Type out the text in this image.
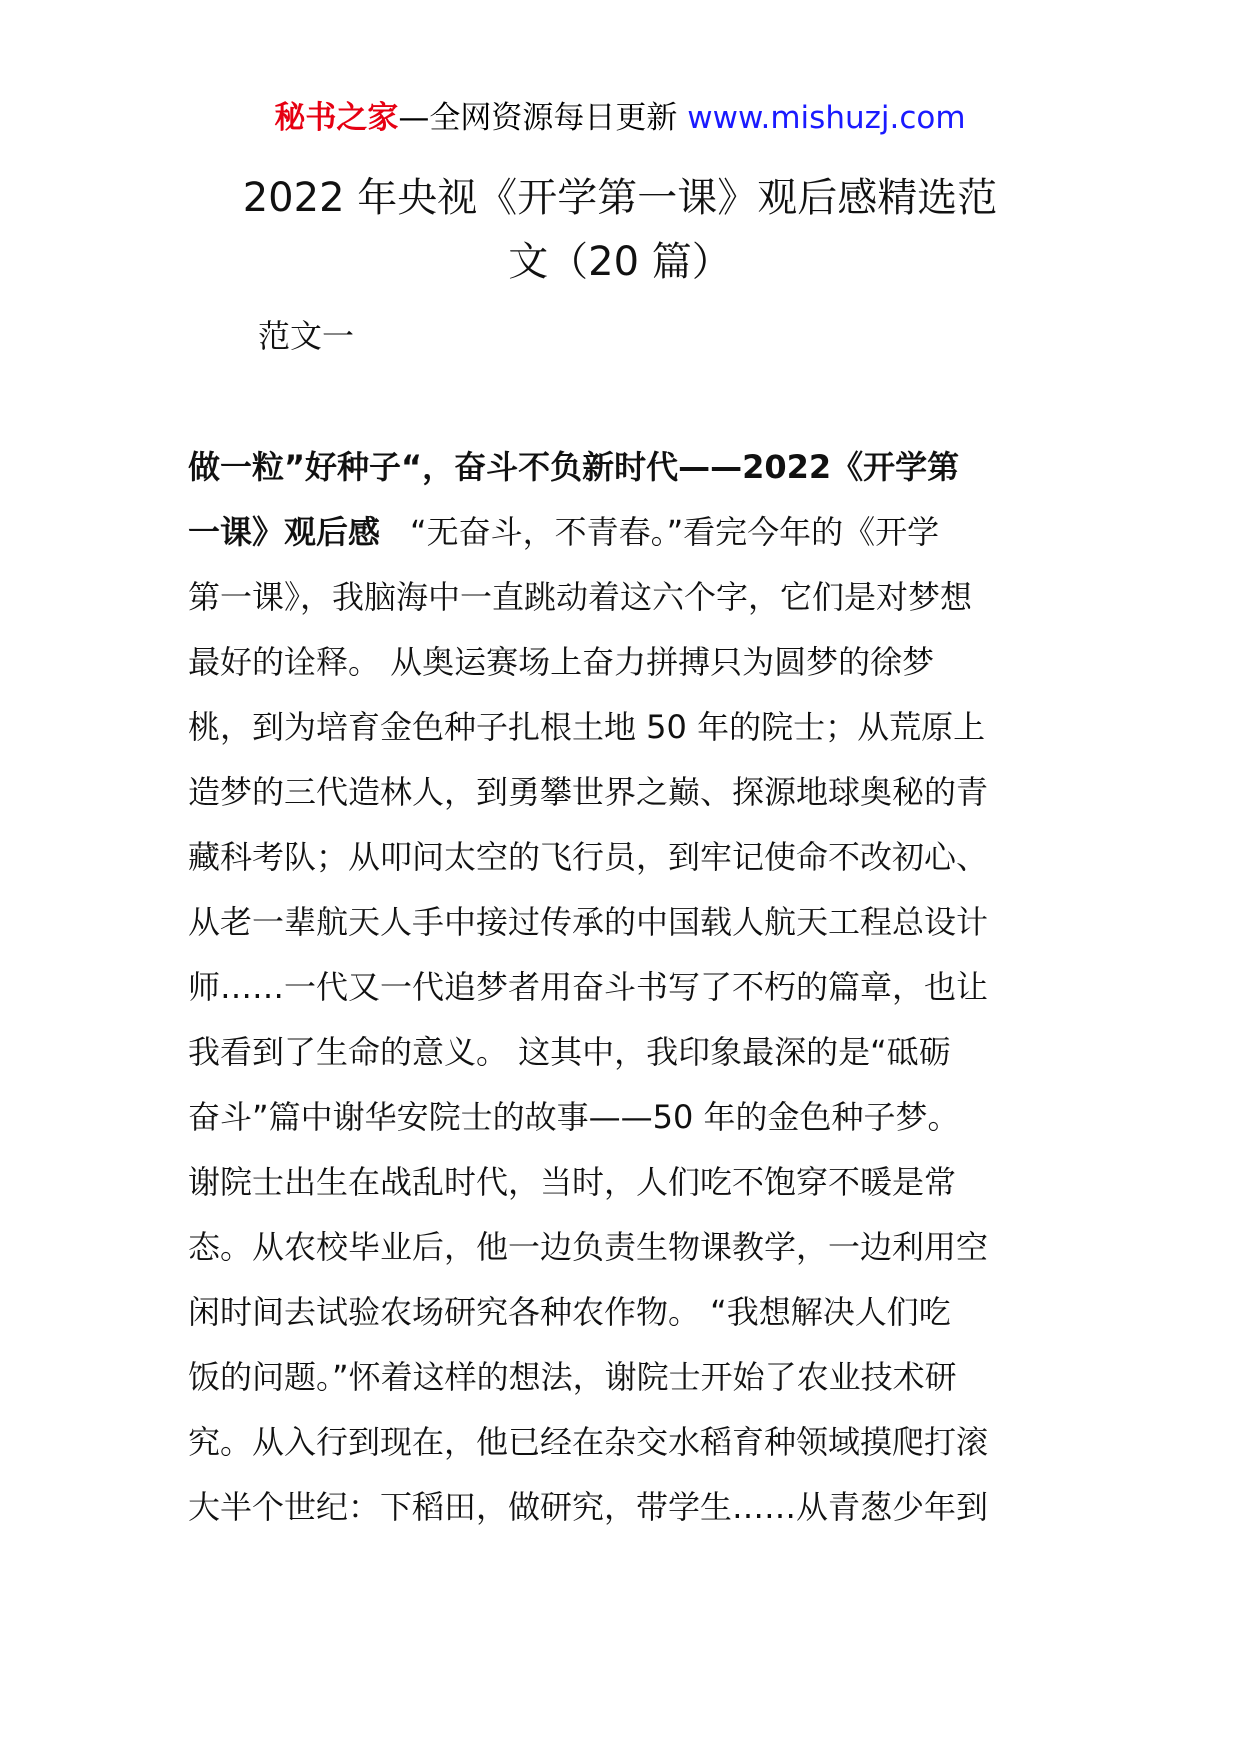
秘书之家—全网资源每日更新 www.mishuzj.com
2022 年央视《开学第一课》观后感精选范
文（20 篇）
范文一
做一粒”好种子“，奋斗不负新时代——2022《开学第
一课》观后感 “无奋斗，不青春。”看完今年的《开学
第一课》，我脑海中一直跳动着这六个字，它们是对梦想
最好的诠释。 从奥运赛场上奋力拼搏只为圆梦的徐梦
桃，到为培育金色种子扎根土地 50 年的院士；从荒原上
造梦的三代造林人，到勇攀世界之巅、探源地球奥秘的青
藏科考队；从叩问太空的飞行员，到牢记使命不改初心、
从老一辈航天人手中接过传承的中国载人航天工程总设计
师……一代又一代追梦者用奋斗书写了不朽的篇章，也让
我看到了生命的意义。 这其中，我印象最深的是“砥砺
奋斗”篇中谢华安院士的故事——50 年的金色种子梦。
谢院士出生在战乱时代，当时，人们吃不饱穿不暖是常
态。从农校毕业后，他一边负责生物课教学，一边利用空
闲时间去试验农场研究各种农作物。 “我想解决人们吃
饭的问题。”怀着这样的想法，谢院士开始了农业技术研
究。从入行到现在，他已经在杂交水稻育种领域摸爬打滚
大半个世纪：下稻田，做研究，带学生……从青葱少年到
